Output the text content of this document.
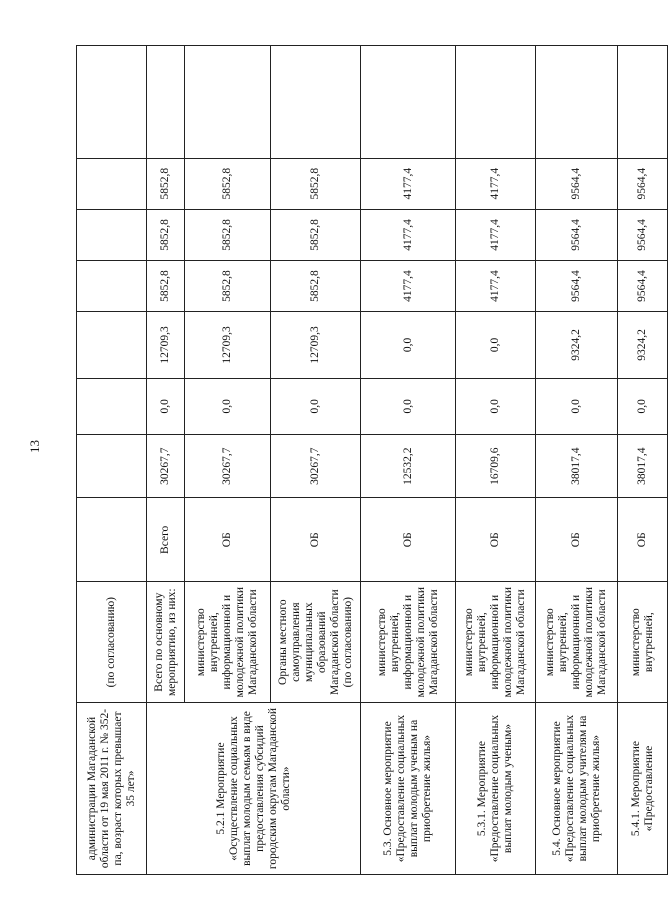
13
администрации Магаданской области от 19 мая 2011 г. № 352-па, возраст которых превышает 35 лет»	(по согласованию)								
5.2.1 Мероприятие «Осуществление социальных выплат молодым семьям в виде предоставления субсидий городским округам Магаданской области»	Всего по основному мероприятию, из них:	Всего	30267,7	0,0	12709,3	5852,8	5852,8	5852,8	
	министерство внутренней, информационной и молодежной политики Магаданской области	ОБ	30267,7	0,0	12709,3	5852,8	5852,8	5852,8	
	Органы местного самоуправления муниципальных образований Магаданской области (по согласованию)	ОБ	30267,7	0,0	12709,3	5852,8	5852,8	5852,8	
5.3. Основное мероприятие «Предоставление социальных выплат молодым ученым на приобретение жилья»	министерство внутренней, информационной и молодежной политики Магаданской области	ОБ	12532,2	0,0	0,0	4177,4	4177,4	4177,4	
5.3.1. Мероприятие «Предоставление социальных выплат молодым ученым»	министерство внутренней, информационной и молодежной политики Магаданской области	ОБ	16709,6	0,0	0,0	4177,4	4177,4	4177,4	
5.4. Основное мероприятие «Предоставление социальных выплат молодым учителям на приобретение жилья»	министерство внутренней, информационной и молодежной политики Магаданской области	ОБ	38017,4	0,0	9324,2	9564,4	9564,4	9564,4	
5.4.1. Мероприятие «Предоставление	министерство внутренней,	ОБ	38017,4	0,0	9324,2	9564,4	9564,4	9564,4	
